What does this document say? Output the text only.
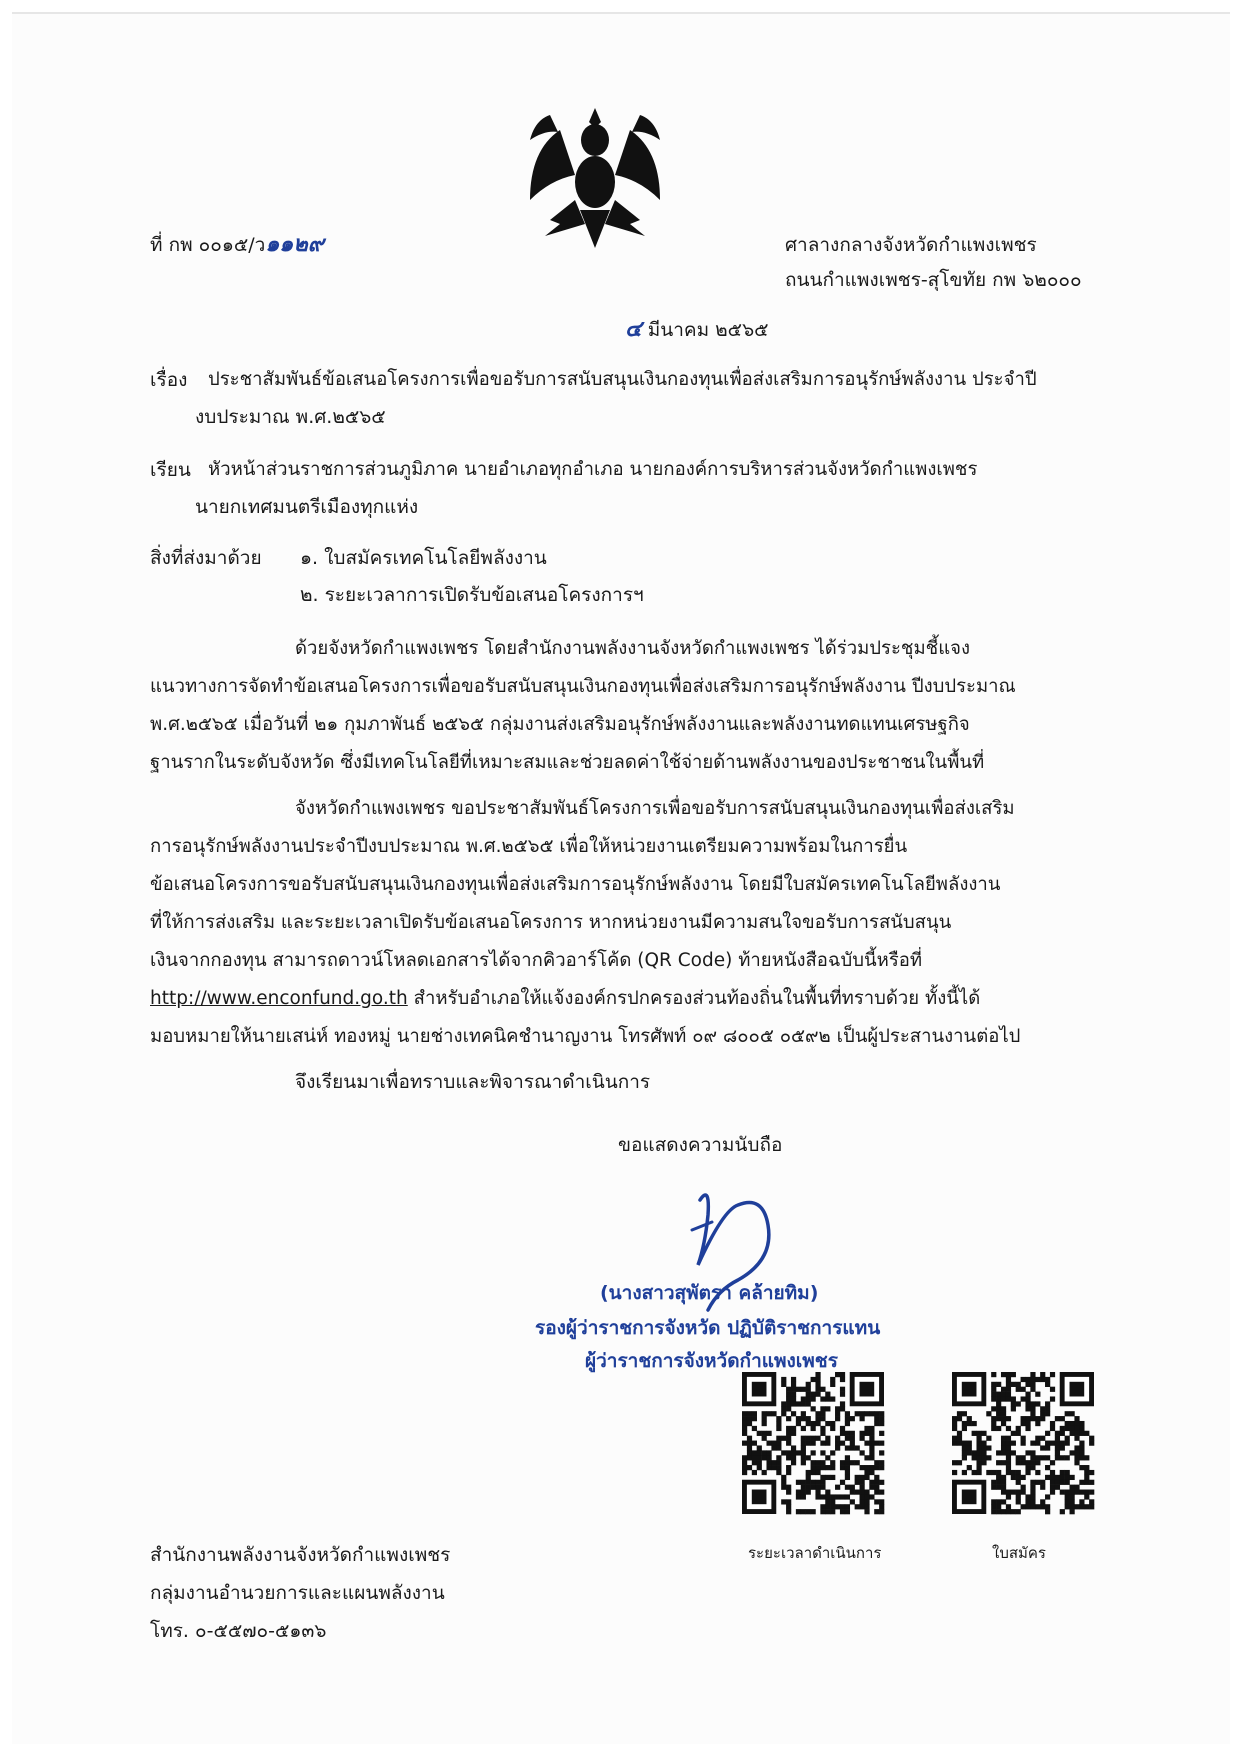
ที่ กพ ๐๐๑๕/ว๑๑๒๙	ศาลางกลางจังหวัดกำแพงเพชร
ถนนกำแพงเพชร-สุโขทัย กพ ๖๒๐๐๐
๔ มีนาคม ๒๕๖๕
เรื่อง ประชาสัมพันธ์ข้อเสนอโครงการเพื่อขอรับการสนับสนุนเงินกองทุนเพื่อส่งเสริมการอนุรักษ์พลังงาน ประจำปี
งบประมาณ พ.ศ.๒๕๖๕
เรียน หัวหน้าส่วนราชการส่วนภูมิภาค นายอำเภอทุกอำเภอ นายกองค์การบริหารส่วนจังหวัดกำแพงเพชร
นายกเทศมนตรีเมืองทุกแห่ง
สิ่งที่ส่งมาด้วย ๑. ใบสมัครเทคโนโลยีพลังงาน
๒. ระยะเวลาการเปิดรับข้อเสนอโครงการฯ
ด้วยจังหวัดกำแพงเพชร โดยสำนักงานพลังงานจังหวัดกำแพงเพชร ได้ร่วมประชุมชี้แจง
แนวทางการจัดทำข้อเสนอโครงการเพื่อขอรับสนับสนุนเงินกองทุนเพื่อส่งเสริมการอนุรักษ์พลังงาน ปีงบประมาณ
พ.ศ.๒๕๖๕ เมื่อวันที่ ๒๑ กุมภาพันธ์ ๒๕๖๕ กลุ่มงานส่งเสริมอนุรักษ์พลังงานและพลังงานทดแทนเศรษฐกิจ
ฐานรากในระดับจังหวัด ซึ่งมีเทคโนโลยีที่เหมาะสมและช่วยลดค่าใช้จ่ายด้านพลังงานของประชาชนในพื้นที่
จังหวัดกำแพงเพชร ขอประชาสัมพันธ์โครงการเพื่อขอรับการสนับสนุนเงินกองทุนเพื่อส่งเสริม
การอนุรักษ์พลังงานประจำปีงบประมาณ พ.ศ.๒๕๖๕ เพื่อให้หน่วยงานเตรียมความพร้อมในการยื่น
ข้อเสนอโครงการขอรับสนับสนุนเงินกองทุนเพื่อส่งเสริมการอนุรักษ์พลังงาน โดยมีใบสมัครเทคโนโลยีพลังงาน
ที่ให้การส่งเสริม และระยะเวลาเปิดรับข้อเสนอโครงการ หากหน่วยงานมีความสนใจขอรับการสนับสนุน
เงินจากกองทุน สามารถดาวน์โหลดเอกสารได้จากคิวอาร์โค้ด (QR Code) ท้ายหนังสือฉบับนี้หรือที่
http://www.enconfund.go.th สำหรับอำเภอให้แจ้งองค์กรปกครองส่วนท้องถิ่นในพื้นที่ทราบด้วย ทั้งนี้ได้
มอบหมายให้นายเสน่ห์ ทองหมู่ นายช่างเทคนิคชำนาญงาน โทรศัพท์ ๐๙ ๘๐๐๕ ๐๕๙๒ เป็นผู้ประสานงานต่อไป
จึงเรียนมาเพื่อทราบและพิจารณาดำเนินการ
ขอแสดงความนับถือ
(นางสาวสุพัตรา คล้ายทิม)
รองผู้ว่าราชการจังหวัด ปฏิบัติราชการแทน
ผู้ว่าราชการจังหวัดกำแพงเพชร
ระยะเวลาดำเนินการ	ใบสมัคร
สำนักงานพลังงานจังหวัดกำแพงเพชร
กลุ่มงานอำนวยการและแผนพลังงาน
โทร. ๐-๕๕๗๐-๕๑๓๖
